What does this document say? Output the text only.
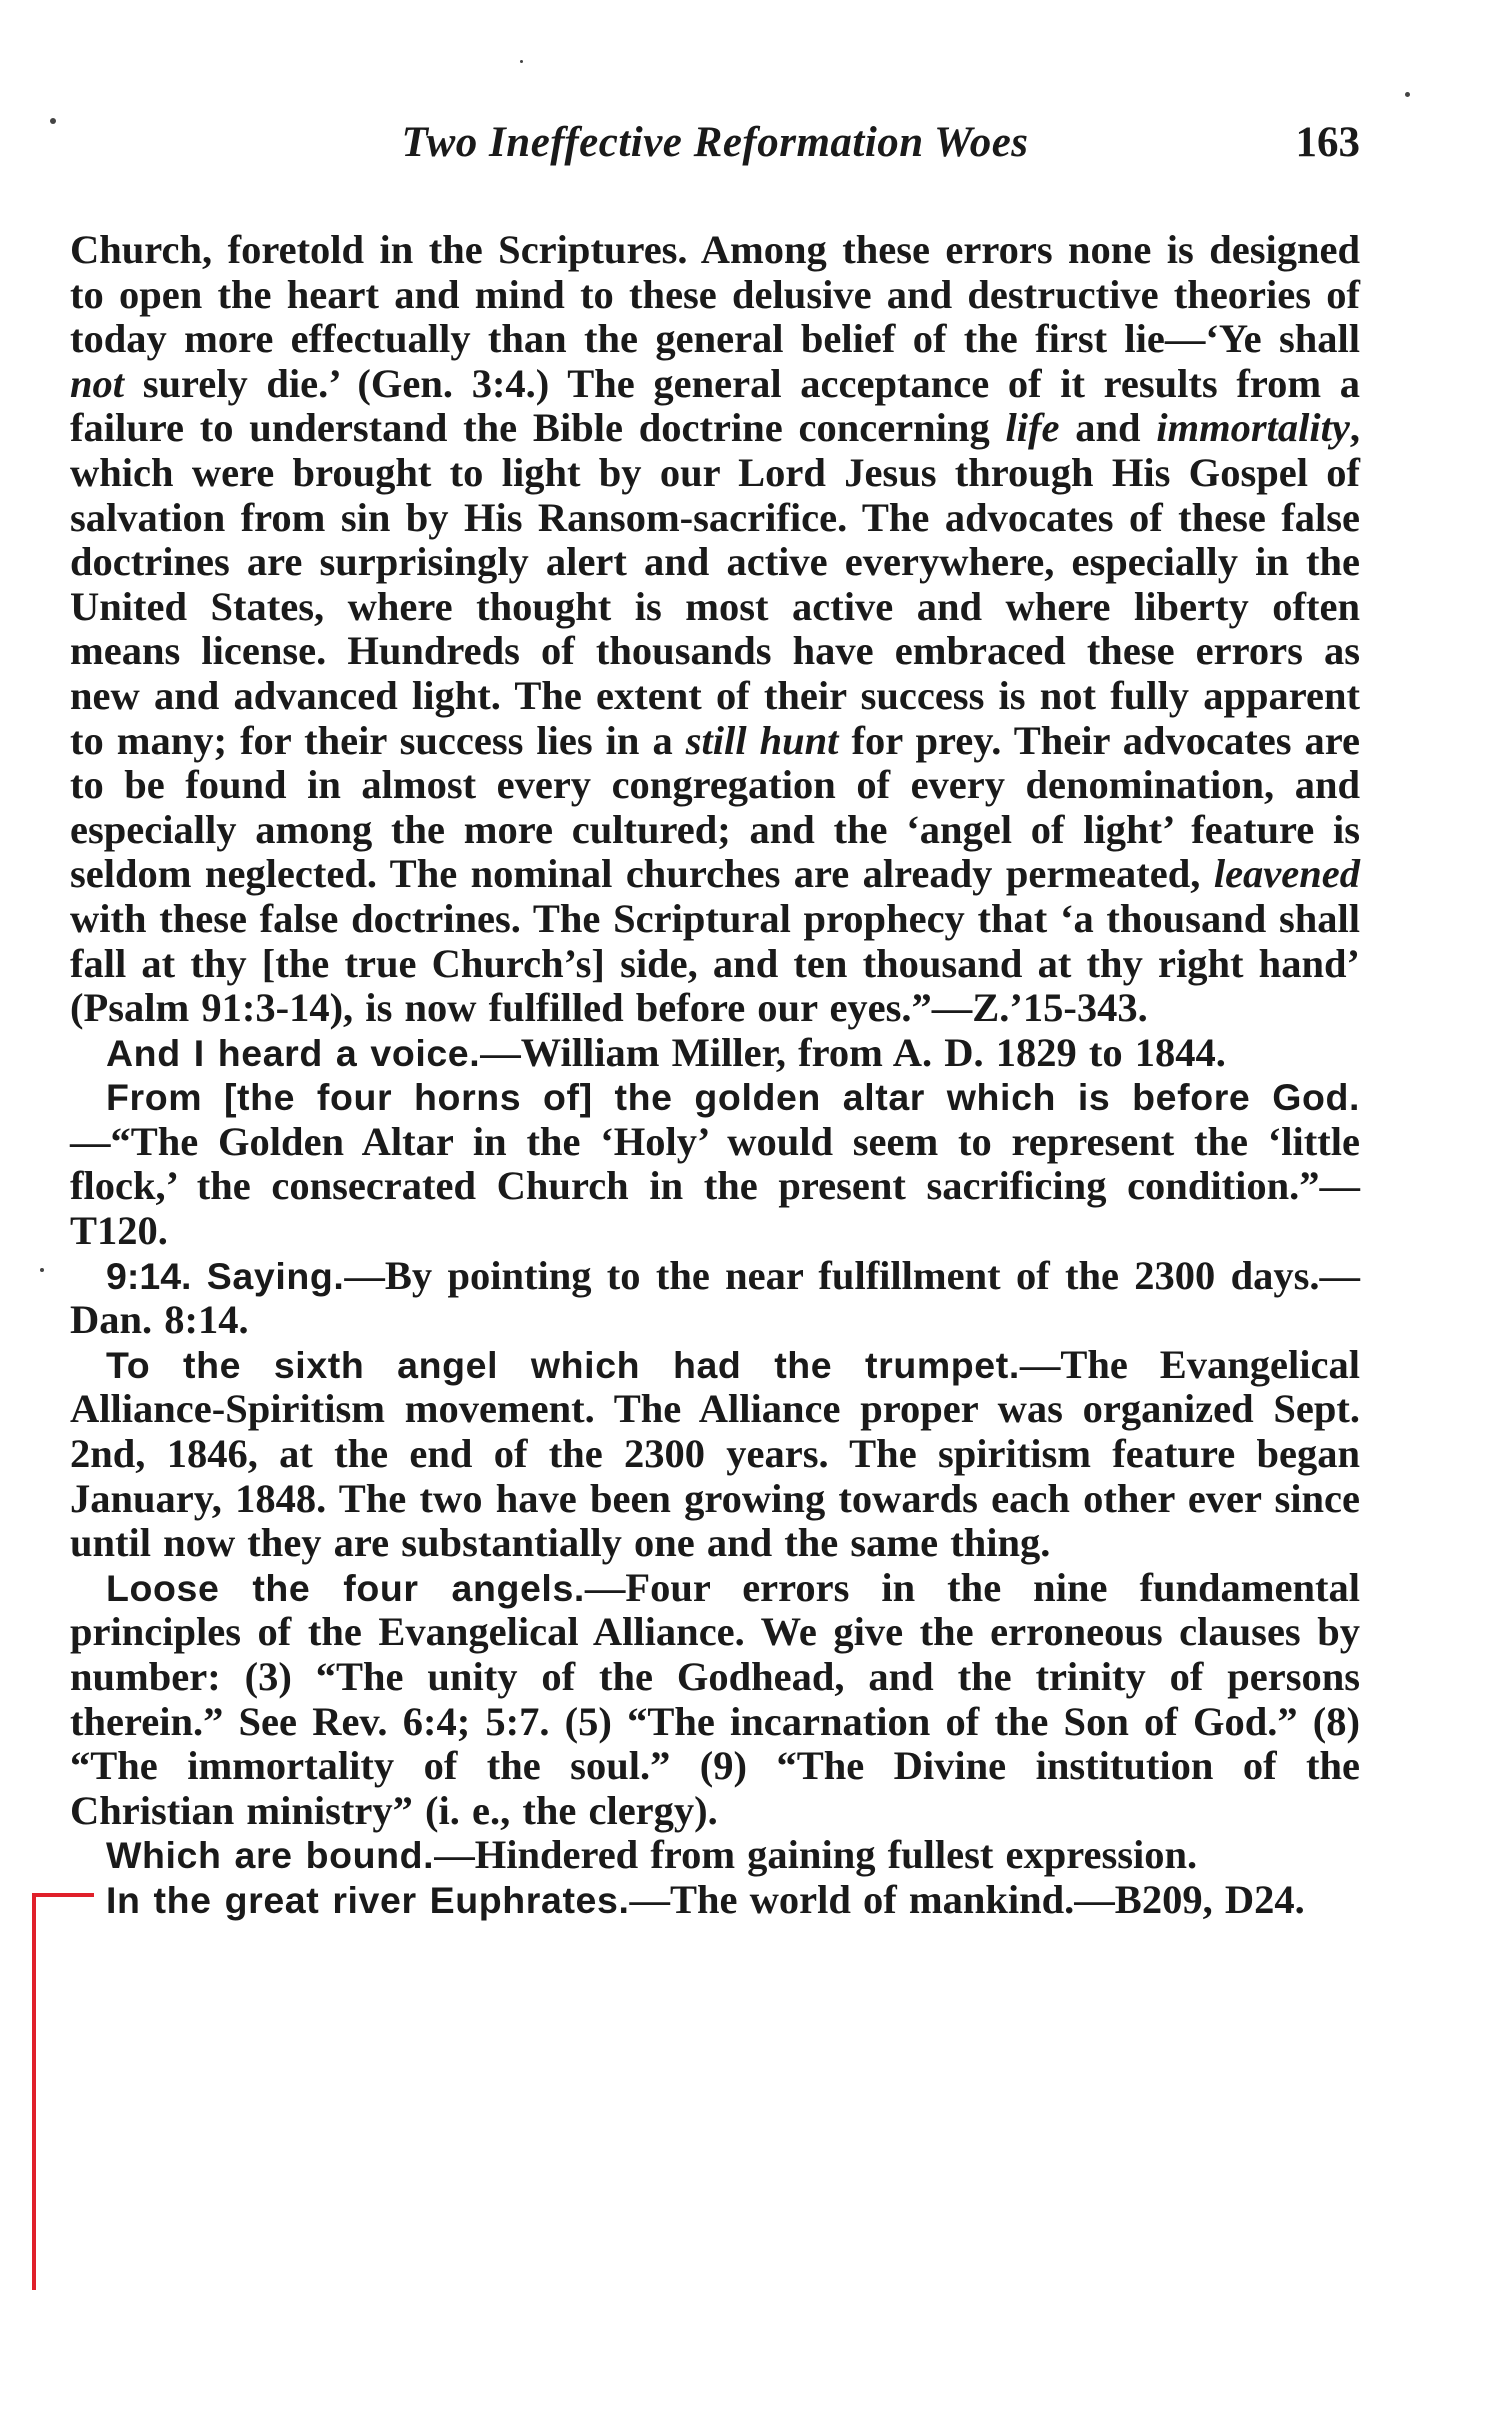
Two Ineffective Reformation Woes	163

Church, foretold in the Scriptures. Among these errors none is designed to open the heart and mind to these delusive and destructive theories of today more effectually than the general belief of the first lie—‘Ye shall not surely die.’ (Gen. 3:4.) The general acceptance of it results from a failure to understand the Bible doctrine concerning life and immortality, which were brought to light by our Lord Jesus through His Gospel of salvation from sin by His Ransom-sacrifice. The advocates of these false doctrines are surprisingly alert and active everywhere, especially in the United States, where thought is most active and where liberty often means license. Hundreds of thousands have embraced these errors as new and advanced light. The extent of their success is not fully apparent to many; for their success lies in a still hunt for prey. Their advocates are to be found in almost every congregation of every denomination, and especially among the more cultured; and the ‘angel of light’ feature is seldom neglected. The nominal churches are already permeated, leavened with these false doctrines. The Scriptural prophecy that ‘a thousand shall fall at thy [the true Church’s] side, and ten thousand at thy right hand’ (Psalm 91:3-14), is now fulfilled before our eyes.”—Z.’15-343.

And I heard a voice.—William Miller, from A. D. 1829 to 1844.

From [the four horns of] the golden altar which is before God.—“The Golden Altar in the ‘Holy’ would seem to represent the ‘little flock,’ the consecrated Church in the present sacrificing condition.”—T120.

9:14. Saying.—By pointing to the near fulfillment of the 2300 days.—Dan. 8:14.

To the sixth angel which had the trumpet.—The Evangelical Alliance-Spiritism movement. The Alliance proper was organized Sept. 2nd, 1846, at the end of the 2300 years. The spiritism feature began January, 1848. The two have been growing towards each other ever since until now they are substantially one and the same thing.

Loose the four angels.—Four errors in the nine fundamental principles of the Evangelical Alliance. We give the erroneous clauses by number: (3) “The unity of the Godhead, and the trinity of persons therein.” See Rev. 6:4; 5:7. (5) “The incarnation of the Son of God.” (8) “The immortality of the soul.” (9) “The Divine institution of the Christian ministry” (i. e., the clergy).

Which are bound.—Hindered from gaining fullest expression.

In the great river Euphrates.—The world of mankind.—B209, D24.
